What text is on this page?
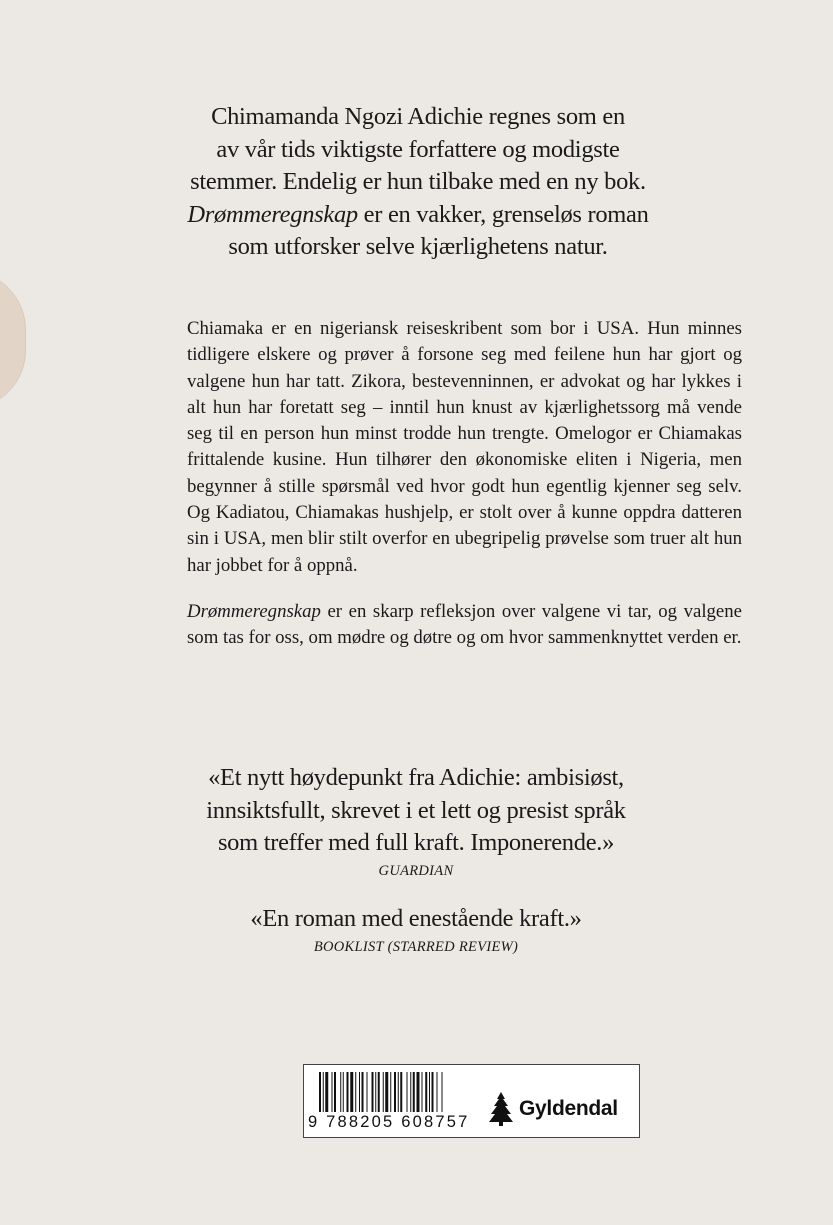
Chimamanda Ngozi Adichie regnes som en

av vår tids viktigste forfattere og modigste

stemmer. Endelig er hun tilbake med en ny bok.

Drømmeregnskap er en vakker, grenseløs roman

som utforsker selve kjærlighetens natur.

Chiamaka er en nigeriansk reiseskribent som bor i USA. Hun minnes tidligere elskere og prøver å forsone seg med feilene hun har gjort og valgene hun har tatt. Zikora, bestevenninnen, er advokat og har lykkes i alt hun har foretatt seg – inntil hun knust av kjærlighetssorg må vende seg til en person hun minst trodde hun trengte. Omelogor er Chiamakas frittalende kusine. Hun tilhører den økonomiske eliten i Nigeria, men begynner å stille spørsmål ved hvor godt hun egentlig kjenner seg selv. Og Kadiatou, Chiamakas hushjelp, er stolt over å kunne oppdra datteren sin i USA, men blir stilt overfor en ubegripelig prøvelse som truer alt hun har jobbet for å oppnå.

Drømmeregnskap er en skarp refleksjon over valgene vi tar, og valgene som tas for oss, om mødre og døtre og om hvor sammenknyttet verden er.

«Et nytt høydepunkt fra Adichie: ambisiøst,
innsiktsfullt, skrevet i et lett og presist språk
som treffer med full kraft. Imponerende.»
GUARDIAN
«En roman med enestående kraft.»
BOOKLIST (STARRED REVIEW)
9 788205 608757
Gyldendal
